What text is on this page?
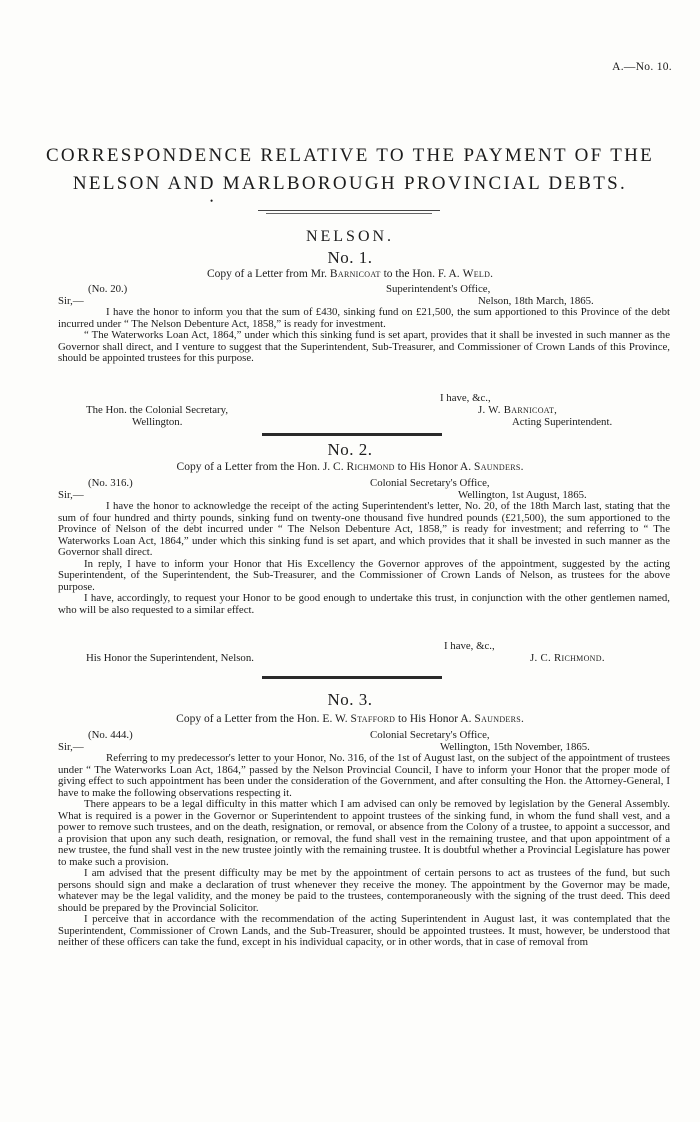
A.—No. 10.
CORRESPONDENCE RELATIVE TO THE PAYMENT OF THE
NELSON AND MARLBOROUGH PROVINCIAL DEBTS.
•
NELSON.
No. 1.
Copy of a Letter from Mr. Barnicoat to the Hon. F. A. Weld.
(No. 20.)	Superintendent's Office,
Sir,—	Nelson, 18th March, 1865.

I have the honor to inform you that the sum of £430, sinking fund on £21,500, the sum apportioned to this Province of the debt incurred under “ The Nelson Debenture Act, 1858,” is ready for investment.

“ The Waterworks Loan Act, 1864,” under which this sinking fund is set apart, provides that it shall be invested in such manner as the Governor shall direct, and I venture to suggest that the Superintendent, Sub-Treasurer, and Commissioner of Crown Lands of this Province, should be appointed trustees for this purpose.

I have, &c.,
The Hon. the Colonial Secretary,
Wellington.
J. W. Barnicoat,
Acting Superintendent.
No. 2.
Copy of a Letter from the Hon. J. C. Richmond to His Honor A. Saunders.
(No. 316.)	Colonial Secretary's Office,
Sir,—	Wellington, 1st August, 1865.

I have the honor to acknowledge the receipt of the acting Superintendent's letter, No. 20, of the 18th March last, stating that the sum of four hundred and thirty pounds, sinking fund on twenty-one thousand five hundred pounds (£21,500), the sum apportioned to the Province of Nelson of the debt incurred under “ The Nelson Debenture Act, 1858,” is ready for investment; and referring to “ The Waterworks Loan Act, 1864,” under which this sinking fund is set apart, and which provides that it shall be invested in such manner as the Governor shall direct.

In reply, I have to inform your Honor that His Excellency the Governor approves of the appointment, suggested by the acting Superintendent, of the Superintendent, the Sub-Treasurer, and the Commissioner of Crown Lands of Nelson, as trustees for the above purpose.

I have, accordingly, to request your Honor to be good enough to undertake this trust, in conjunction with the other gentlemen named, who will be also requested to a similar effect.

I have, &c.,
His Honor the Superintendent, Nelson.	J. C. Richmond.
No. 3.
Copy of a Letter from the Hon. E. W. Stafford to His Honor A. Saunders.
(No. 444.)	Colonial Secretary's Office,
Sir,—	Wellington, 15th November, 1865.

Referring to my predecessor's letter to your Honor, No. 316, of the 1st of August last, on the subject of the appointment of trustees under “ The Waterworks Loan Act, 1864,” passed by the Nelson Provincial Council, I have to inform your Honor that the proper mode of giving effect to such appointment has been under the consideration of the Government, and after consulting the Hon. the Attorney-General, I have to make the following observations respecting it.

There appears to be a legal difficulty in this matter which I am advised can only be removed by legislation by the General Assembly. What is required is a power in the Governor or Superintendent to appoint trustees of the sinking fund, in whom the fund shall vest, and a power to remove such trustees, and on the death, resignation, or removal, or absence from the Colony of a trustee, to appoint a successor, and a provision that upon any such death, resignation, or removal, the fund shall vest in the remaining trustee, and that upon appointment of a new trustee, the fund shall vest in the new trustee jointly with the remaining trustee. It is doubtful whether a Provincial Legislature has power to make such a provision.

I am advised that the present difficulty may be met by the appointment of certain persons to act as trustees of the fund, but such persons should sign and make a declaration of trust whenever they receive the money. The appointment by the Governor may be made, whatever may be the legal validity, and the money be paid to the trustees, contemporaneously with the signing of the trust deed. This deed should be prepared by the Provincial Solicitor.

I perceive that in accordance with the recommendation of the acting Superintendent in August last, it was contemplated that the Superintendent, Commissioner of Crown Lands, and the Sub-Treasurer, should be appointed trustees. It must, however, be understood that neither of these officers can take the fund, except in his individual capacity, or in other words, that in case of removal from
